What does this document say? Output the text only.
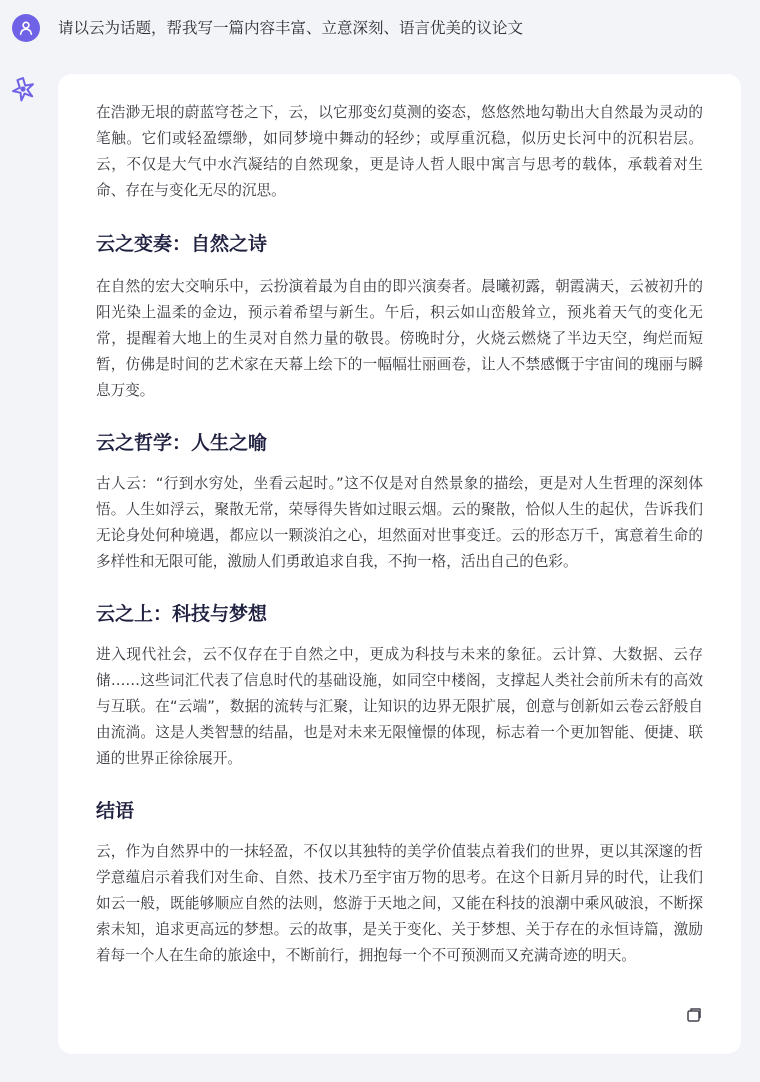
请以云为话题，帮我写一篇内容丰富、立意深刻、语言优美的议论文

在浩渺无垠的蔚蓝穹苍之下，云，以它那变幻莫测的姿态，悠悠然地勾勒出大自然最为灵动的笔触。它们或轻盈缥缈，如同梦境中舞动的轻纱；或厚重沉稳，似历史长河中的沉积岩层。云，不仅是大气中水汽凝结的自然现象，更是诗人哲人眼中寓言与思考的载体，承载着对生命、存在与变化无尽的沉思。

云之变奏：自然之诗

在自然的宏大交响乐中，云扮演着最为自由的即兴演奏者。晨曦初露，朝霞满天，云被初升的阳光染上温柔的金边，预示着希望与新生。午后，积云如山峦般耸立，预兆着天气的变化无常，提醒着大地上的生灵对自然力量的敬畏。傍晚时分，火烧云燃烧了半边天空，绚烂而短暂，仿佛是时间的艺术家在天幕上绘下的一幅幅壮丽画卷，让人不禁感慨于宇宙间的瑰丽与瞬息万变。

云之哲学：人生之喻

古人云：“行到水穷处，坐看云起时。”这不仅是对自然景象的描绘，更是对人生哲理的深刻体悟。人生如浮云，聚散无常，荣辱得失皆如过眼云烟。云的聚散，恰似人生的起伏，告诉我们无论身处何种境遇，都应以一颗淡泊之心，坦然面对世事变迁。云的形态万千，寓意着生命的多样性和无限可能，激励人们勇敢追求自我，不拘一格，活出自己的色彩。

云之上：科技与梦想

进入现代社会，云不仅存在于自然之中，更成为科技与未来的象征。云计算、大数据、云存储……这些词汇代表了信息时代的基础设施，如同空中楼阁，支撑起人类社会前所未有的高效与互联。在“云端”，数据的流转与汇聚，让知识的边界无限扩展，创意与创新如云卷云舒般自由流淌。这是人类智慧的结晶，也是对未来无限憧憬的体现，标志着一个更加智能、便捷、联通的世界正徐徐展开。

结语

云，作为自然界中的一抹轻盈，不仅以其独特的美学价值装点着我们的世界，更以其深邃的哲学意蕴启示着我们对生命、自然、技术乃至宇宙万物的思考。在这个日新月异的时代，让我们如云一般，既能够顺应自然的法则，悠游于天地之间，又能在科技的浪潮中乘风破浪，不断探索未知，追求更高远的梦想。云的故事，是关于变化、关于梦想、关于存在的永恒诗篇，激励着每一个人在生命的旅途中，不断前行，拥抱每一个不可预测而又充满奇迹的明天。
